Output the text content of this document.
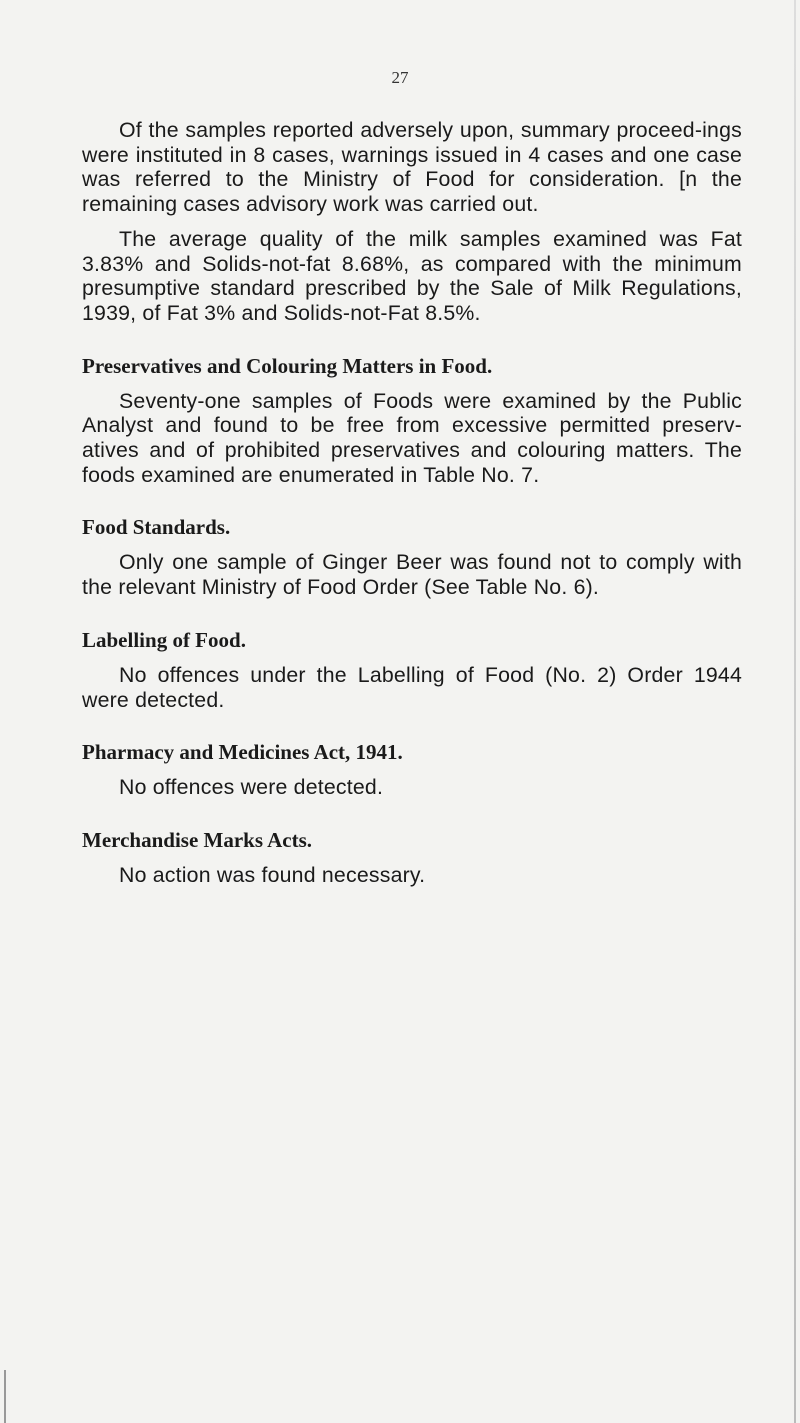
27

Of the samples reported adversely upon, summary proceed-ings were instituted in 8 cases, warnings issued in 4 cases and one case was referred to the Ministry of Food for consideration. [n the remaining cases advisory work was carried out.

The average quality of the milk samples examined was Fat 3.83% and Solids-not-fat 8.68%, as compared with the minimum presumptive standard prescribed by the Sale of Milk Regulations, 1939, of Fat 3% and Solids-not-Fat 8.5%.

Preservatives and Colouring Matters in Food.

Seventy-one samples of Foods were examined by the Public Analyst and found to be free from excessive permitted preserv-atives and of prohibited preservatives and colouring matters. The foods examined are enumerated in Table No. 7.

Food Standards.

Only one sample of Ginger Beer was found not to comply with the relevant Ministry of Food Order (See Table No. 6).

Labelling of Food.

No offences under the Labelling of Food (No. 2) Order 1944 were detected.

Pharmacy and Medicines Act, 1941.

No offences were detected.

Merchandise Marks Acts.

No action was found necessary.
